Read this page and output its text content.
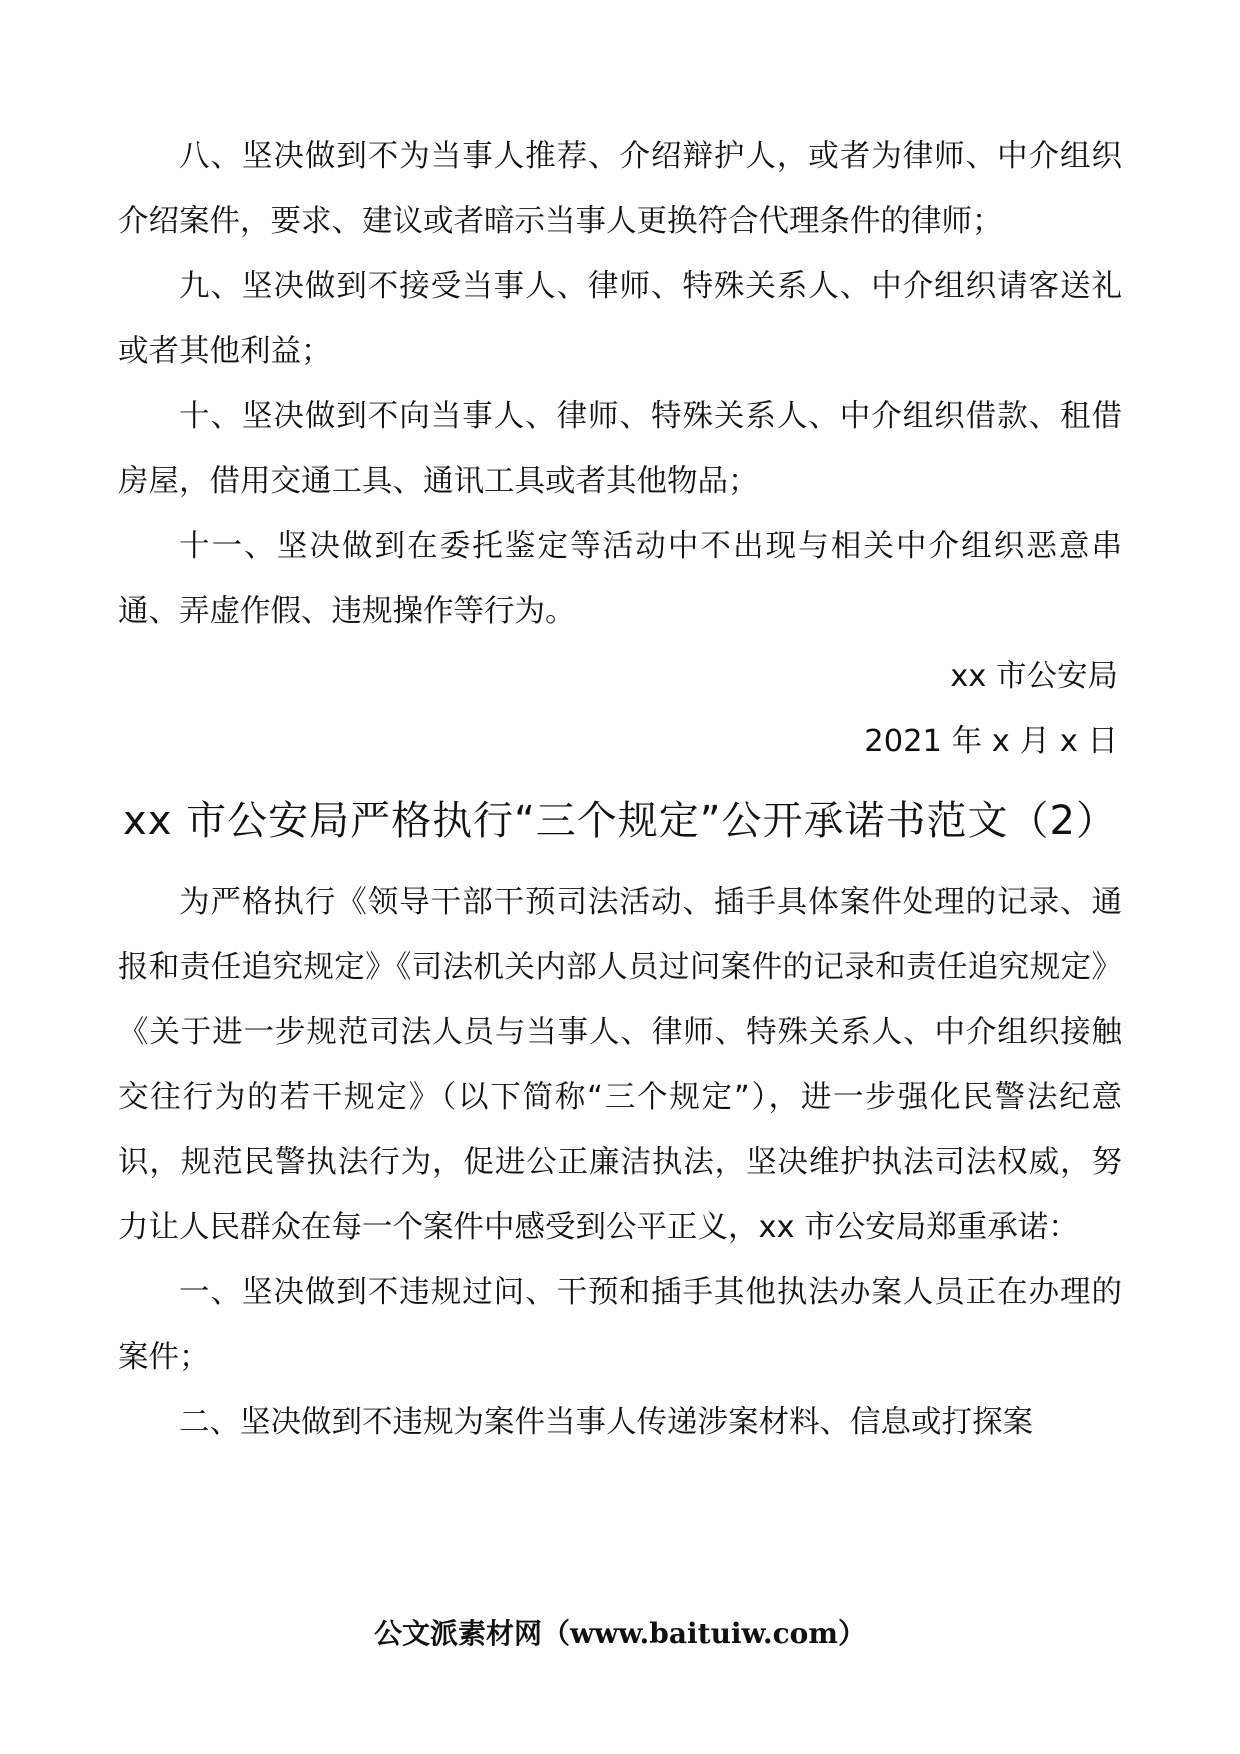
八、坚决做到不为当事人推荐、介绍辩护人，或者为律师、中介组织介绍案件，要求、建议或者暗示当事人更换符合代理条件的律师；

九、坚决做到不接受当事人、律师、特殊关系人、中介组织请客送礼或者其他利益；

十、坚决做到不向当事人、律师、特殊关系人、中介组织借款、租借房屋，借用交通工具、通讯工具或者其他物品；

十一、坚决做到在委托鉴定等活动中不出现与相关中介组织恶意串通、弄虚作假、违规操作等行为。

xx 市公安局

2021 年 x 月 x 日

xx 市公安局严格执行“三个规定”公开承诺书范文（2）

为严格执行《领导干部干预司法活动、插手具体案件处理的记录、通报和责任追究规定》《司法机关内部人员过问案件的记录和责任追究规定》《关于进一步规范司法人员与当事人、律师、特殊关系人、中介组织接触交往行为的若干规定》（以下简称“三个规定”），进一步强化民警法纪意识，规范民警执法行为，促进公正廉洁执法，坚决维护执法司法权威，努力让人民群众在每一个案件中感受到公平正义，xx 市公安局郑重承诺：

一、坚决做到不违规过问、干预和插手其他执法办案人员正在办理的案件；

二、坚决做到不违规为案件当事人传递涉案材料、信息或打探案

公文派素材网（www.baituiw.com）
